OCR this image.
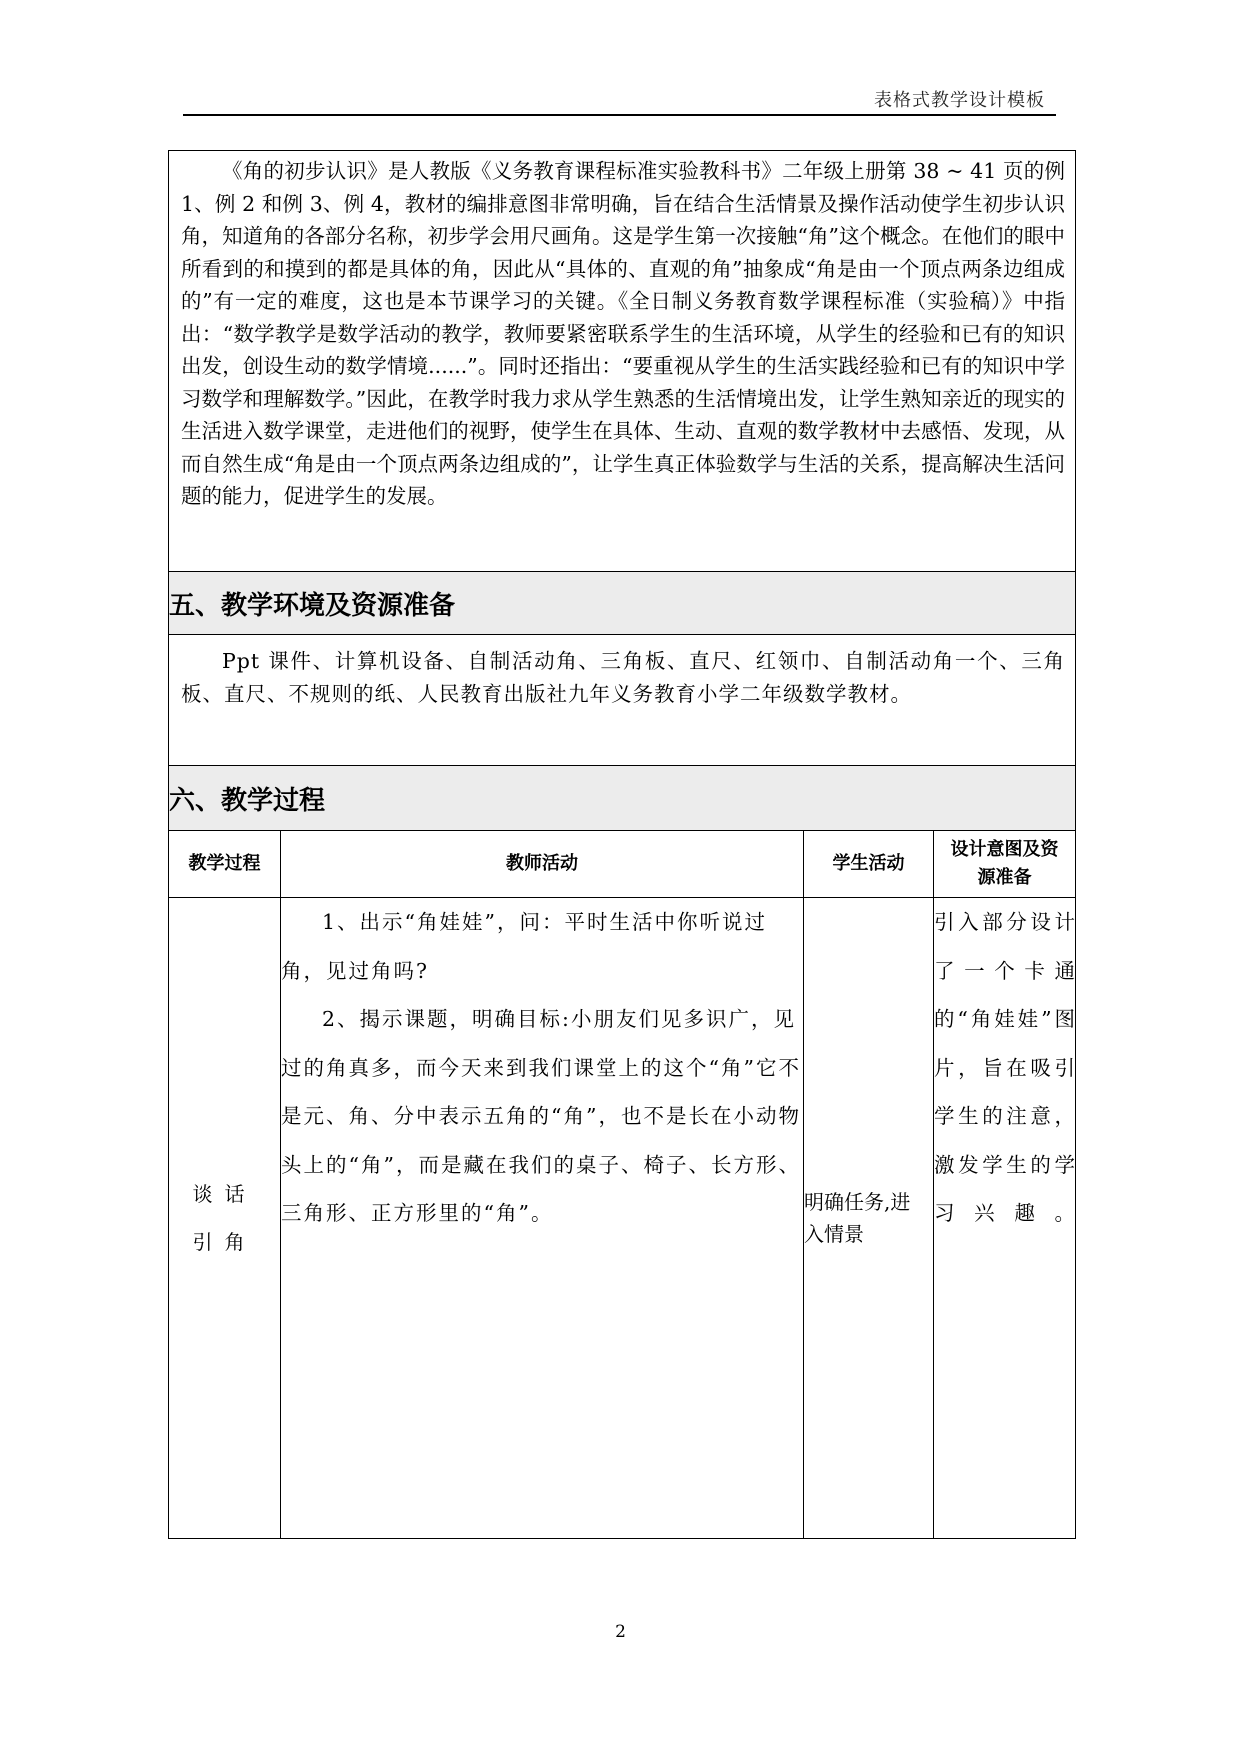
表格式教学设计模板

《角的初步认识》是人教版《义务教育课程标准实验教科书》二年级上册第 38 ~ 41 页的例 1、例 2 和例 3、例 4，教材的编排意图非常明确，旨在结合生活情景及操作活动使学生初步认识角，知道角的各部分名称，初步学会用尺画角。这是学生第一次接触“角”这个概念。在他们的眼中所看到的和摸到的都是具体的角，因此从“具体的、直观的角”抽象成“角是由一个顶点两条边组成的”有一定的难度，这也是本节课学习的关键。《全日制义务教育数学课程标准（实验稿）》中指出：“数学教学是数学活动的教学，教师要紧密联系学生的生活环境，从学生的经验和已有的知识出发，创设生动的数学情境......”。同时还指出：“要重视从学生的生活实践经验和已有的知识中学习数学和理解数学。”因此，在教学时我力求从学生熟悉的生活情境出发，让学生熟知亲近的现实的生活进入数学课堂，走进他们的视野，使学生在具体、生动、直观的数学教材中去感悟、发现，从而自然生成“角是由一个顶点两条边组成的”，让学生真正体验数学与生活的关系，提高解决生活问题的能力，促进学生的发展。			

五、教学环境及资源准备			

Ppt 课件、计算机设备、自制活动角、三角板、直尺、红领巾、自制活动角一个、三角板、直尺、不规则的纸、人民教育出版社九年义务教育小学二年级数学教材。			

六、教学过程			
教学过程	教师活动	学生活动	设计意图及资源准备

谈话引角	1、出示“角娃娃”，问：平时生活中你听说过角，见过角吗?

2、揭示课题，明确目标:小朋友们见多识广，见过的角真多，而今天来到我们课堂上的这个“角”它不是元、角、分中表示五角的“角”，也不是长在小动物头上的“角”，而是藏在我们的桌子、椅子、长方形、三角形、正方形里的“角”。	明确任务,进入情景	引入部分设计了一个卡通的“角娃娃”图片，旨在吸引学生的注意，激发学生的学习兴趣。
2
